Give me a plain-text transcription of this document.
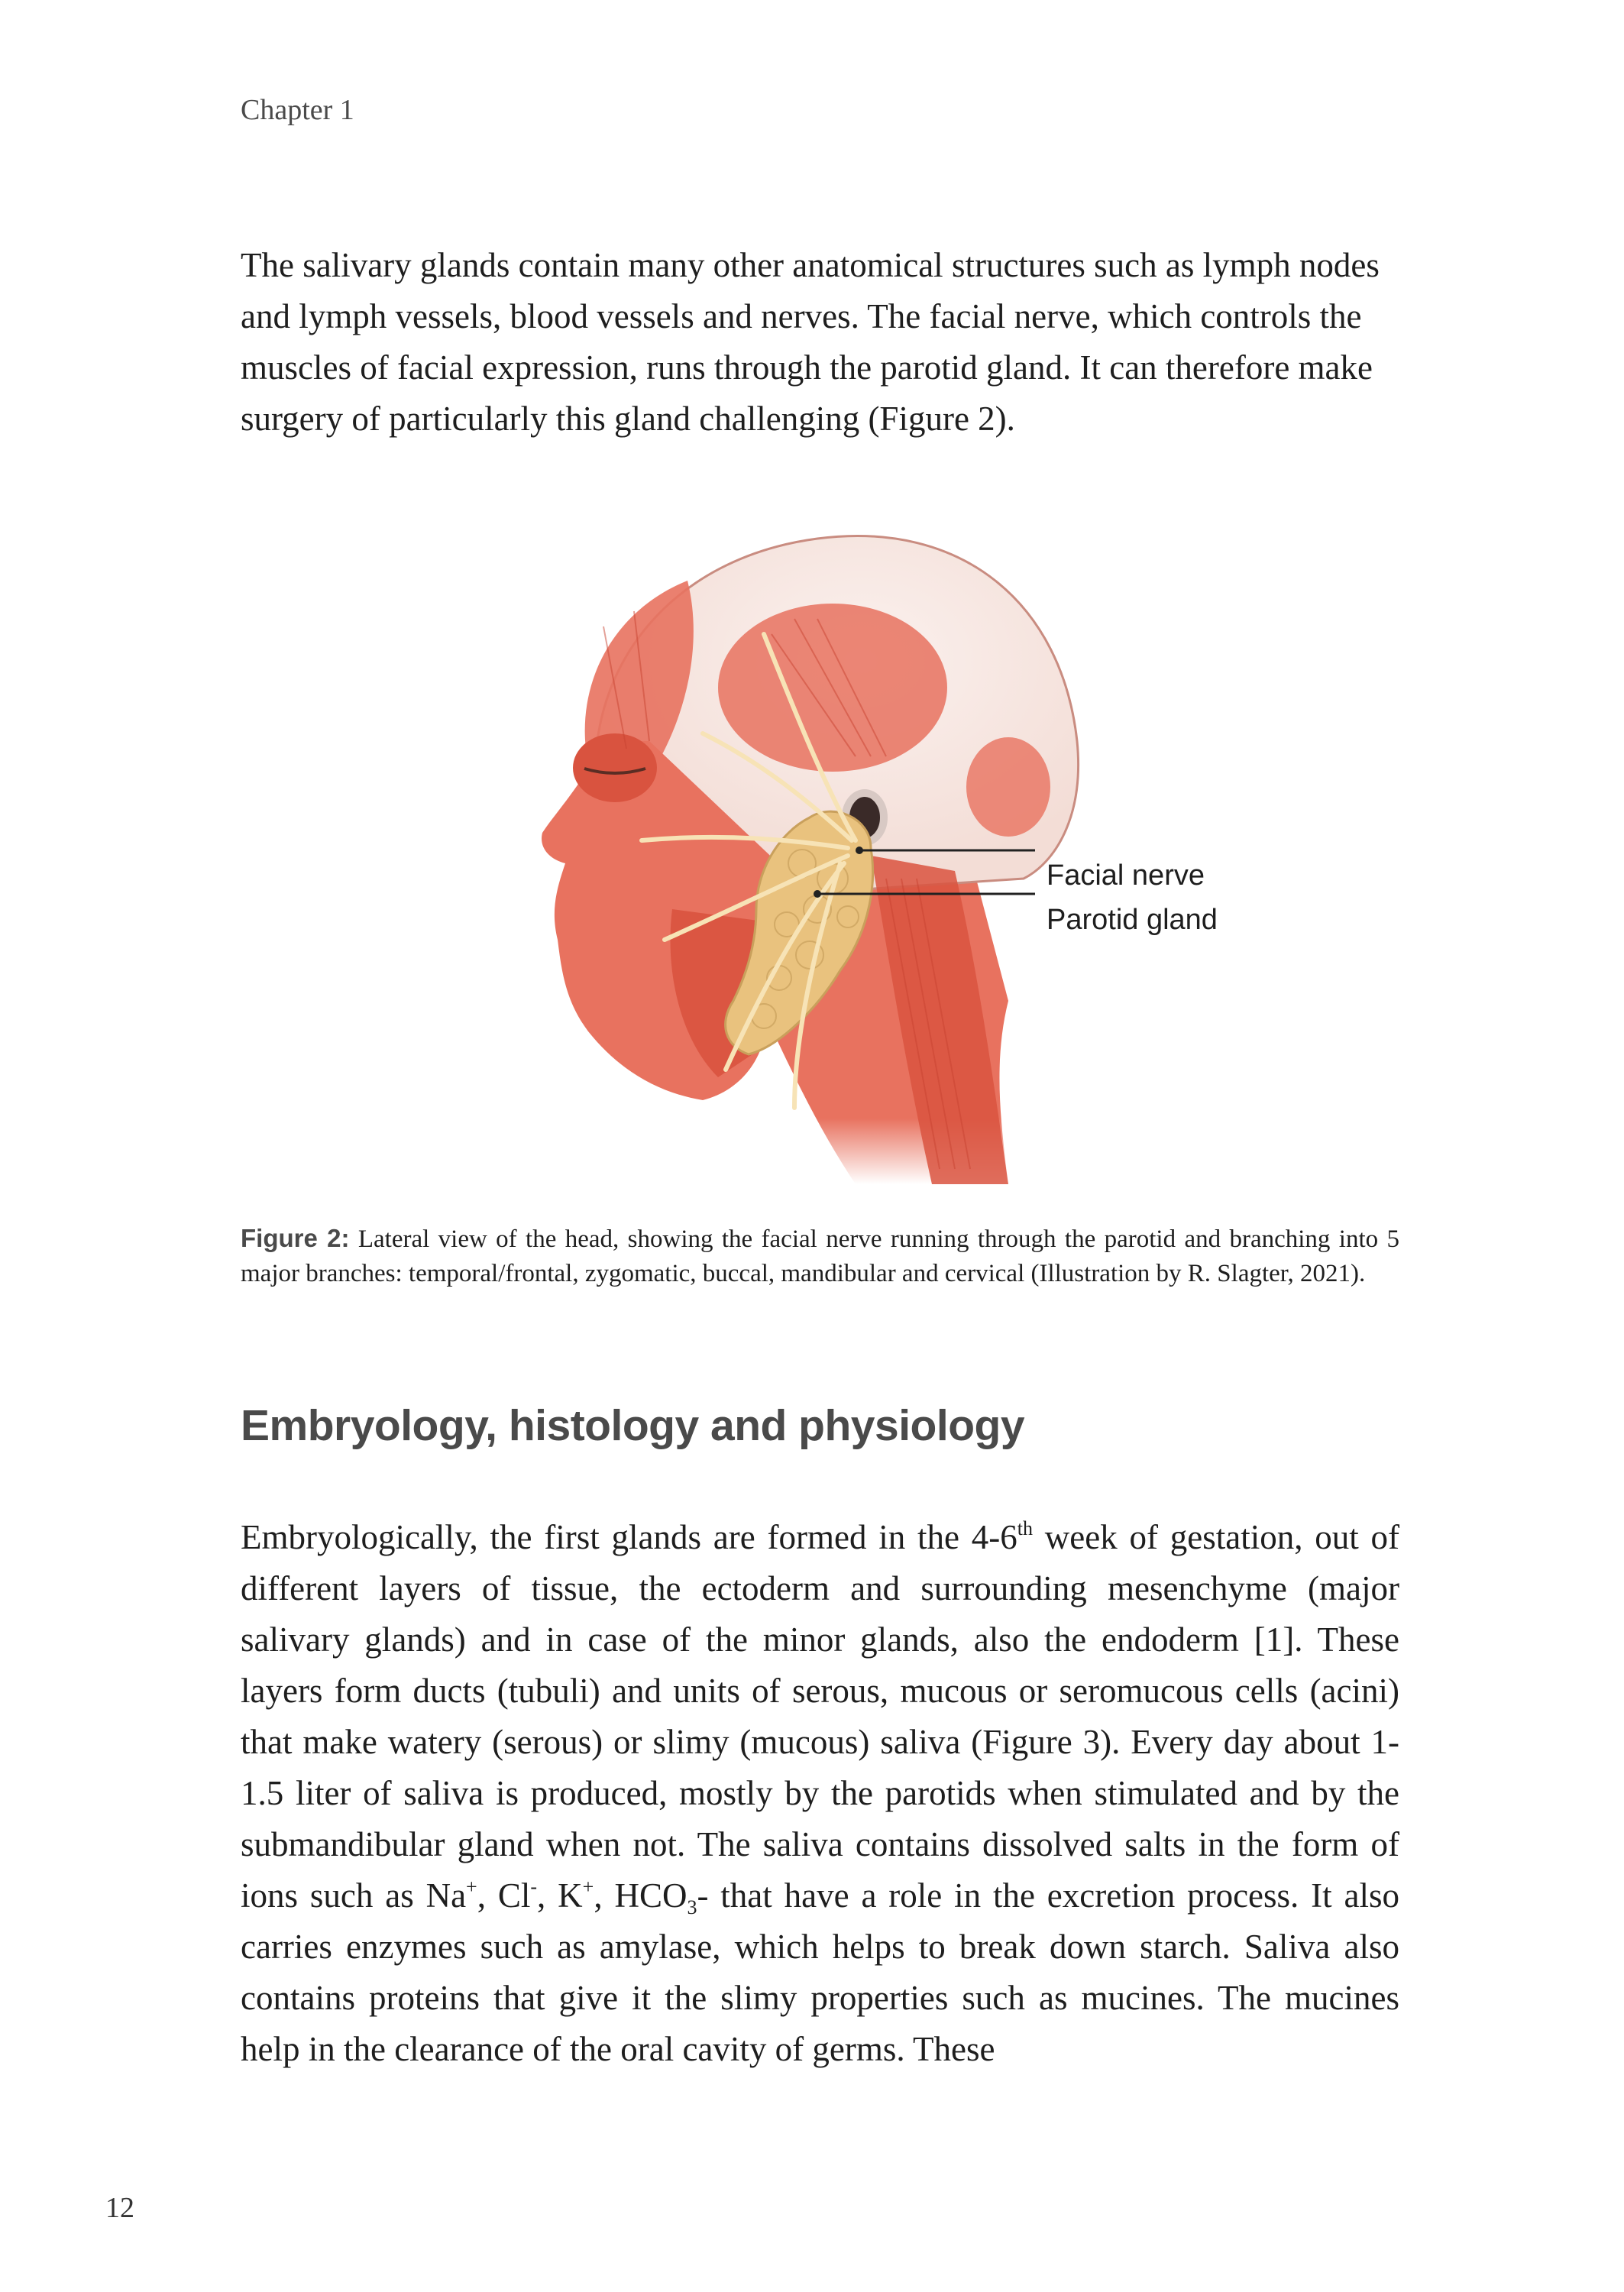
Chapter 1

The salivary glands contain many other anatomical structures such as lymph nodes and lymph vessels, blood vessels and nerves. The facial nerve, which controls the muscles of facial expression, runs through the parotid gland. It can therefore make surgery of particularly this gland challenging (Figure 2).

Facial nerve
Parotid gland

Figure 2: Lateral view of the head, showing the facial nerve running through the parotid and branching into 5 major branches: temporal/frontal, zygomatic, buccal, mandibular and cervical (Illustration by R. Slagter, 2021).

Embryology, histology and physiology

Embryologically, the first glands are formed in the 4-6th week of gestation, out of different layers of tissue, the ectoderm and surrounding mesenchyme (major salivary glands) and in case of the minor glands, also the endoderm [1]. These layers form ducts (tubuli) and units of serous, mucous or seromucous cells (acini) that make watery (serous) or slimy (mucous) saliva (Figure 3). Every day about 1-1.5 liter of saliva is produced, mostly by the parotids when stimulated and by the submandibular gland when not. The saliva contains dissolved salts in the form of ions such as Na+, Cl-, K+, $HCO_3-$ that have a role in the excretion process. It also carries enzymes such as amylase, which helps to break down starch. Saliva also contains proteins that give it the slimy properties such as mucines. The mucines help in the clearance of the oral cavity of germs. These

12
